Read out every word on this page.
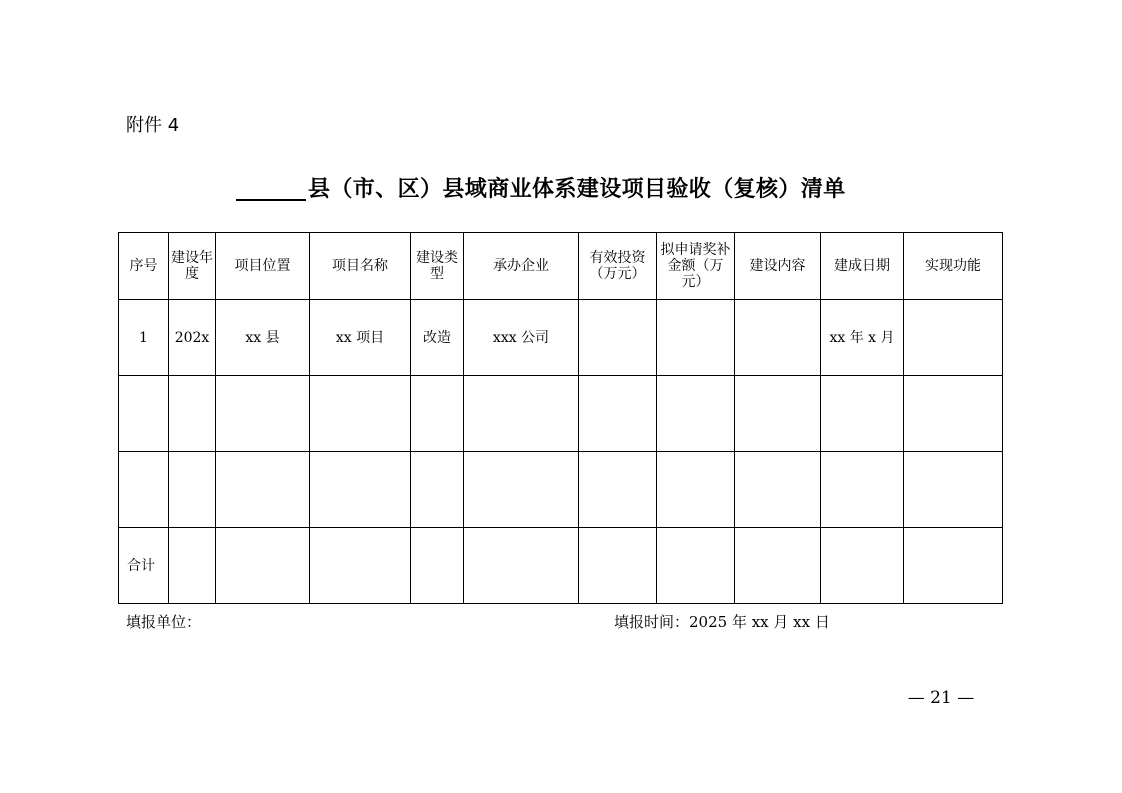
附件 4
县（市、区）县域商业体系建设项目验收（复核）清单
序号	建设年度	项目位置	项目名称	建设类型	承办企业	有效投资（万元）	拟申请奖补金额（万元）	建设内容	建成日期	实现功能
1	202x	xx 县	xx 项目	改造	xxx 公司				xx 年 x 月	

合计										
填报单位：	填报时间：2025 年 xx 月 xx 日
— 21 —
